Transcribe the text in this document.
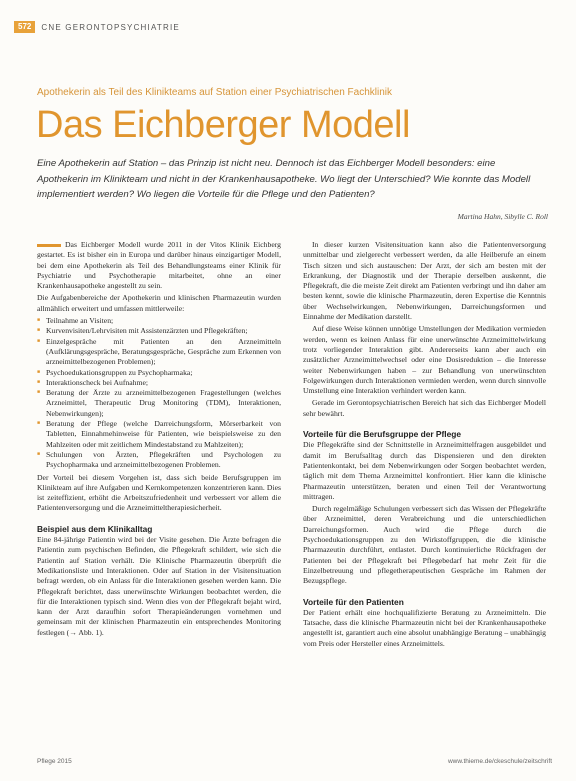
572	CNE GERONTOPSYCHIATRIE
Apothekerin als Teil des Klinikteams auf Station einer Psychiatrischen Fachklinik
Das Eichberger Modell
Eine Apothekerin auf Station – das Prinzip ist nicht neu. Dennoch ist das Eichberger Modell besonders: eine Apothekerin im Klinikteam und nicht in der Krankenhausapotheke. Wo liegt der Unterschied? Wie konnte das Modell implementiert werden? Wo liegen die Vorteile für die Pflege und den Patienten?
Martina Hahn, Sibylle C. Roll

Das Eichberger Modell wurde 2011 in der Vitos Klinik Eichberg gestartet. Es ist bisher ein in Europa und darüber hinaus einzigartiger Modell, bei dem eine Apothekerin als Teil des Behandlungsteams einer Klinik für Psychiatrie und Psychotherapie mitarbeitet, ohne an einer Krankenhausapotheke angestellt zu sein.

Die Aufgabenbereiche der Apothekerin und klinischen Pharmazeutin wurden allmählich erweitert und umfassen mittlerweile:

■ Teilnahme an Visiten;
■ Kurvenvisiten/Lehrvisiten mit Assistenzärzten und Pflegekräften;
■ Einzelgespräche mit Patienten an den Arzneimitteln (Aufklärungsgespräche, Beratungsgespräche, Gespräche zum Erkennen von arzneimittelbezogenen Problemen);
■ Psychoedukationsgruppen zu Psychopharmaka;
■ Interaktionscheck bei Aufnahme;
■ Beratung der Ärzte zu arzneimittelbezogenen Fragestellungen (welches Arzneimittel, Therapeutic Drug Monitoring (TDM), Interaktionen, Nebenwirkungen);
■ Beratung der Pflege (welche Darreichungsform, Mörserbarkeit von Tabletten, Einnahmehinweise für Patienten, wie beispielsweise zu den Mahlzeiten oder mit zeitlichem Mindestabstand zu Mahlzeiten);
■ Schulungen von Ärzten, Pflegekräften und Psychologen zu Psychopharmaka und arzneimittelbezogenen Problemen.

Der Vorteil bei diesem Vorgehen ist, dass sich beide Berufsgruppen im Klinikteam auf ihre Aufgaben und Kernkompetenzen konzentrieren kann. Dies ist zeiteffizient, erhöht die Arbeitszufriedenheit und verbessert vor allem die Patientenversorgung und die Arzneimitteltherapiesicherheit.

Beispiel aus dem Klinikalltag

Eine 84-jährige Patientin wird bei der Visite gesehen. Die Ärzte befragen die Patientin zum psychischen Befinden, die Pflegekraft schildert, wie sich die Patientin auf Station verhält. Die Klinische Pharmazeutin überprüft die Medikationsliste und Interaktionen. Oder auf Station in der Visitensituation befragt werden, ob ein Anlass für die Interaktionen gesehen werden kann. Die Pflegekraft berichtet, dass unerwünschte Wirkungen beobachtet werden, die für die Interaktionen typisch sind. Wenn dies von der Pflegekraft bejaht wird, kann der Arzt daraufhin sofort Therapieänderungen vornehmen und gemeinsam mit der klinischen Pharmazeutin ein entsprechendes Monitoring festlegen (→ Abb. 1).

In dieser kurzen Visitensituation kann also die Patientenversorgung unmittelbar und zielgerecht verbessert werden, da alle Heilberufe an einem Tisch sitzen und sich austauschen: Der Arzt, der sich am besten mit der Erkrankung, der Diagnostik und der Therapie derselben auskennt, die Pflegekraft, die die meiste Zeit direkt am Patienten verbringt und ihn daher am besten kennt, sowie die klinische Pharmazeutin, deren Expertise die Kenntnis über Wechselwirkungen, Nebenwirkungen, Darreichungsformen und Einnahme der Medikation darstellt.

Auf diese Weise können unnötige Umstellungen der Medikation vermieden werden, wenn es keinen Anlass für eine unerwünschte Arzneimittelwirkung trotz vorliegender Interaktion gibt. Andererseits kann aber auch ein zusätzlicher Arzneimittelwechsel oder eine Dosisreduktion – die Interesse weiter Nebenwirkungen haben – zur Behandlung von unerwünschten Folgewirkungen durch Interaktionen vermieden werden, wenn durch sinnvolle Umstellung eine Interaktion verhindert werden kann.

Gerade im Gerontopsychiatrischen Bereich hat sich das Eichberger Modell sehr bewährt.

Vorteile für die Berufsgruppe der Pflege

Die Pflegekräfte sind der Schnittstelle in Arzneimittelfragen ausgebildet und damit im Berufsalltag durch das Dispensieren und den direkten Patientenkontakt, bei dem Nebenwirkungen oder Sorgen beobachtet werden, täglich mit dem Thema Arzneimittel konfrontiert. Hier kann die klinische Pharmazeutin unterstützen, beraten und einen Teil der Verantwortung mittragen.

Durch regelmäßige Schulungen verbessert sich das Wissen der Pflegekräfte über Arzneimittel, deren Verabreichung und die unterschiedlichen Darreichungsformen. Auch wird die Pflege durch die Psychoedukationsgruppen zu den Wirkstoffgruppen, die die klinische Pharmazeutin durchführt, entlastet. Durch kontinuierliche Rückfragen der Patienten bei der Pflegekraft bei Pflegebedarf hat mehr Zeit für die Einzelbetreuung und pflegetherapeutischen Gespräche im Rahmen der Bezugspflege.

Vorteile für den Patienten

Der Patient erhält eine hochqualifizierte Beratung zu Arzneimitteln. Die Tatsache, dass die klinische Pharmazeutin nicht bei der Krankenhausapotheke angestellt ist, garantiert auch eine absolut unabhängige Beratung – unabhängig vom Preis oder Hersteller eines Arzneimittels.

Pflege 2015	www.thieme.de/ckeschule/zeitschrift
